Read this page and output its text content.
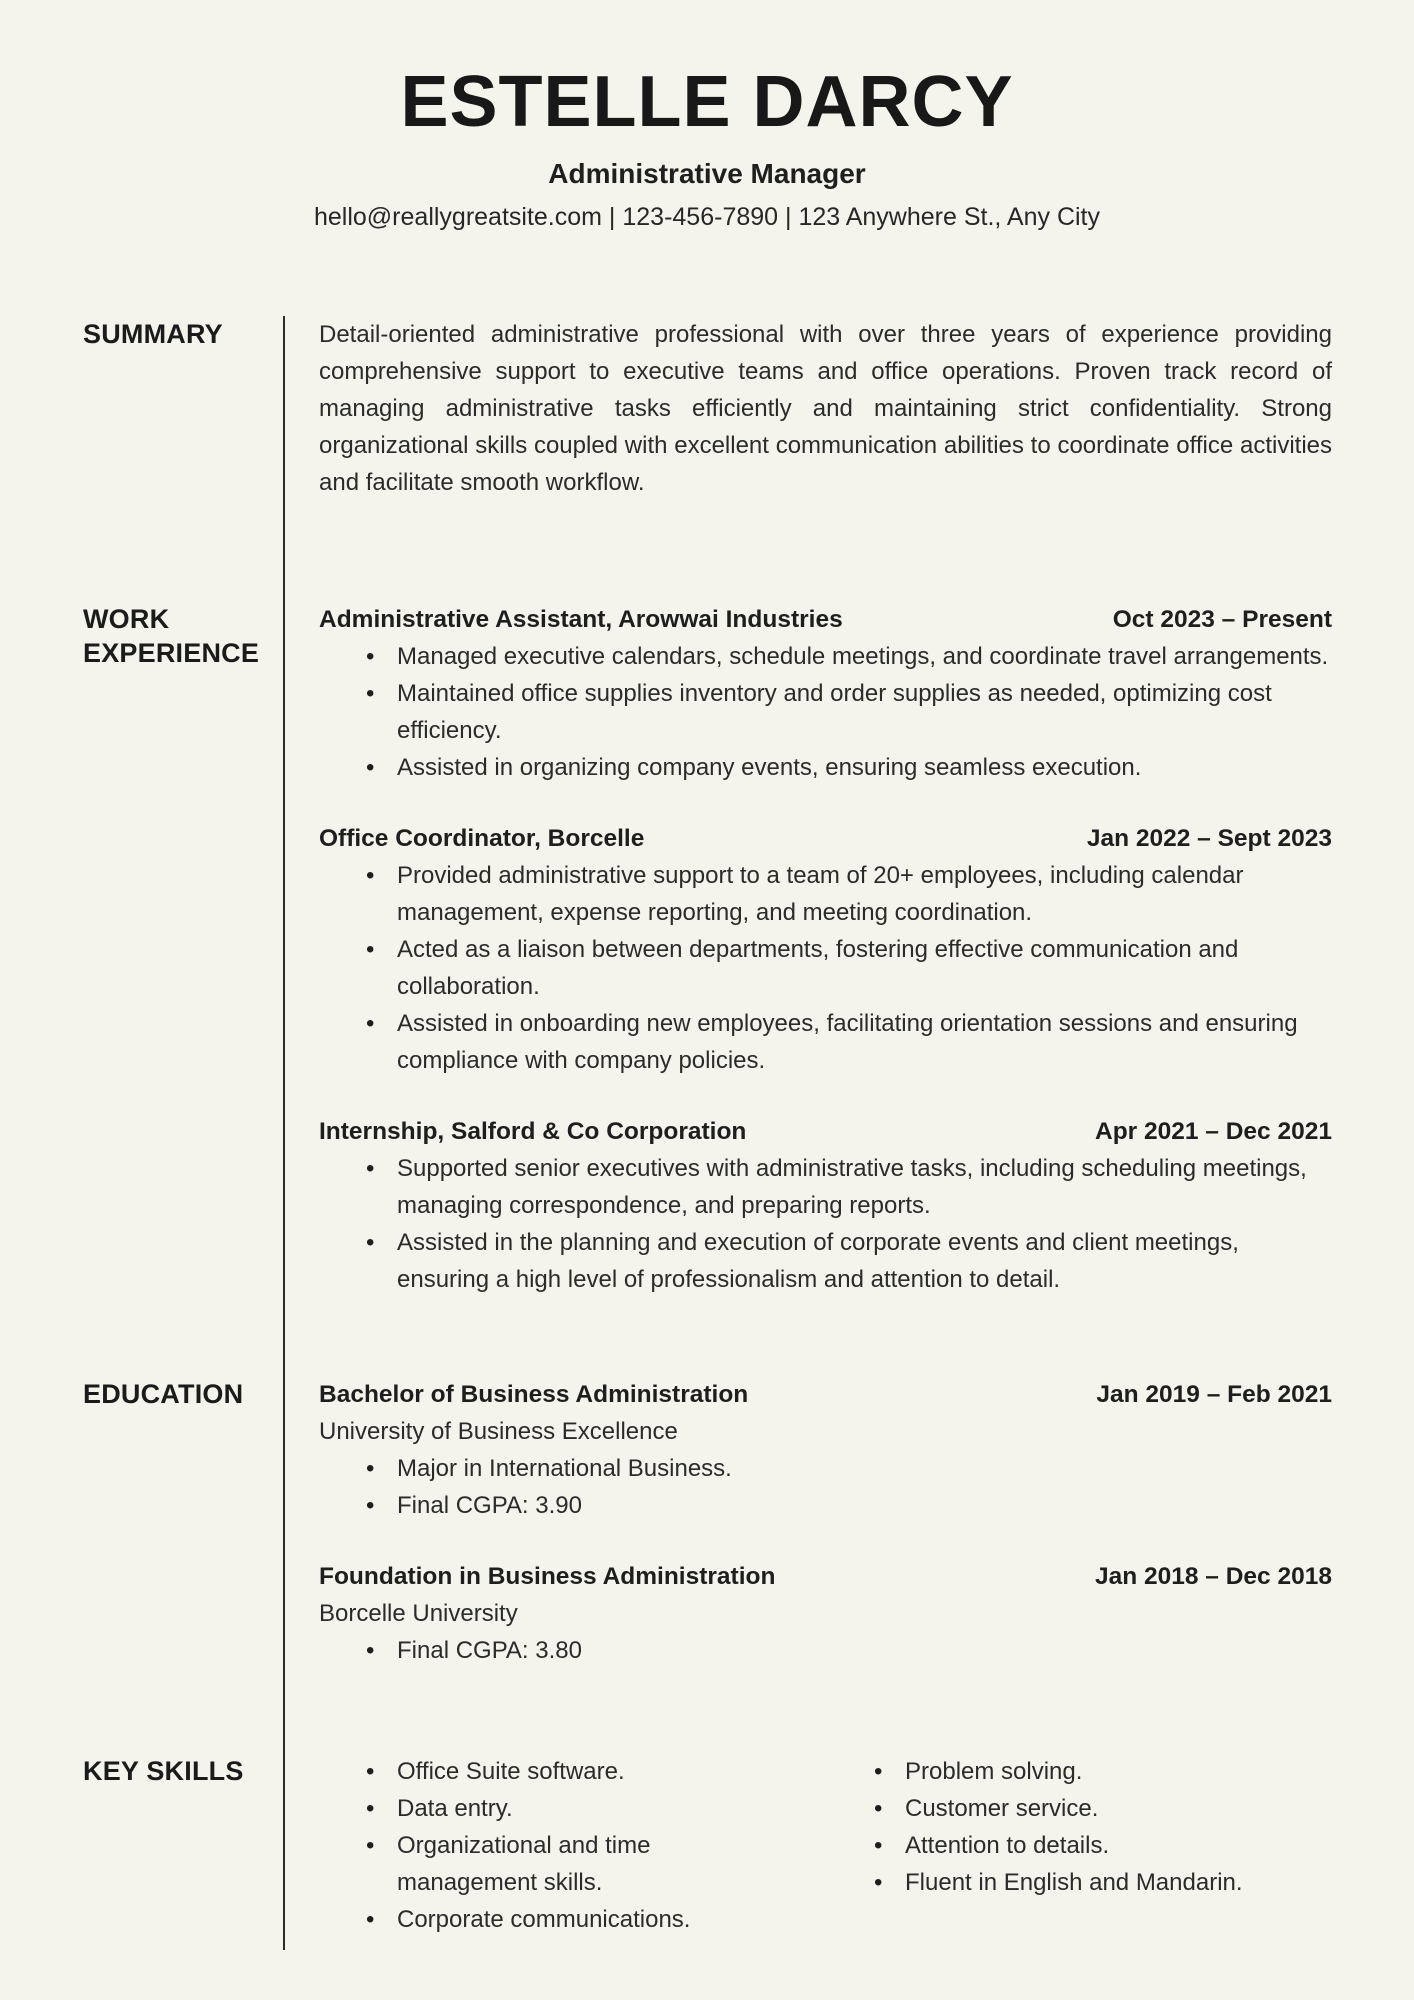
ESTELLE DARCY
Administrative Manager
hello@reallygreatsite.com | 123-456-7890 | 123 Anywhere St., Any City
SUMMARY	Detail-oriented administrative professional with over three years of experience providing comprehensive support to executive teams and office operations. Proven track record of managing administrative tasks efficiently and maintaining strict confidentiality. Strong organizational skills coupled with excellent communication abilities to coordinate office activities and facilitate smooth workflow.
WORK EXPERIENCE
Administrative Assistant, Arowwai Industries	Oct 2023 – Present
• Managed executive calendars, schedule meetings, and coordinate travel arrangements.
• Maintained office supplies inventory and order supplies as needed, optimizing cost efficiency.
• Assisted in organizing company events, ensuring seamless execution.
Office Coordinator, Borcelle	Jan 2022 – Sept 2023
• Provided administrative support to a team of 20+ employees, including calendar management, expense reporting, and meeting coordination.
• Acted as a liaison between departments, fostering effective communication and collaboration.
• Assisted in onboarding new employees, facilitating orientation sessions and ensuring compliance with company policies.
Internship, Salford & Co Corporation	Apr 2021 – Dec 2021
• Supported senior executives with administrative tasks, including scheduling meetings, managing correspondence, and preparing reports.
• Assisted in the planning and execution of corporate events and client meetings, ensuring a high level of professionalism and attention to detail.
EDUCATION	Bachelor of Business Administration	Jan 2019 – Feb 2021
University of Business Excellence
• Major in International Business.
• Final CGPA: 3.90
Foundation in Business Administration	Jan 2018 – Dec 2018
Borcelle University
• Final CGPA: 3.80
KEY SKILLS	• Office Suite software.
• Data entry.
• Organizational and time management skills.
• Corporate communications.
• Problem solving.
• Customer service.
• Attention to details.
• Fluent in English and Mandarin.
